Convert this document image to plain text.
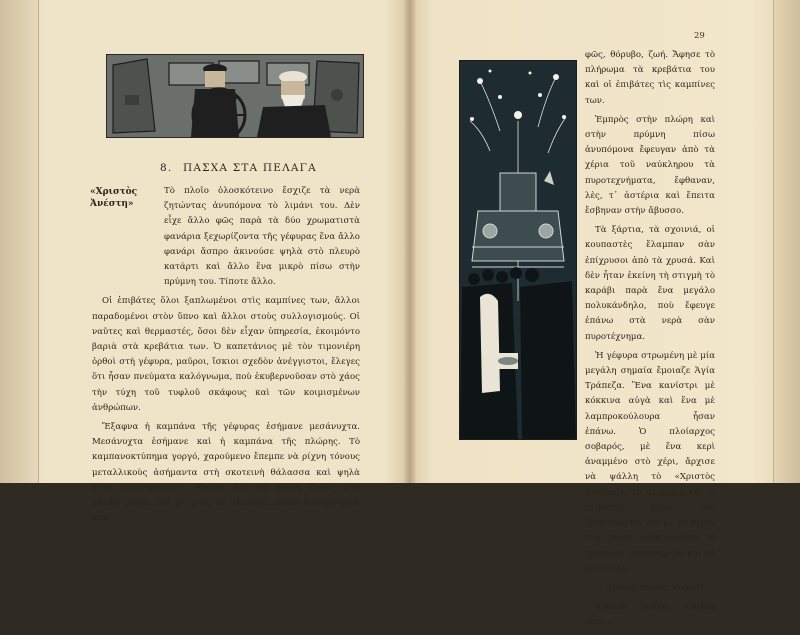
8. ΠΑΣΧΑ ΣΤΑ ΠΕΛΑΓΑ
«Χριστὸς Ἀνέστη»

Τὸ πλοῖο ὁλοσκότεινο ἔσχιζε τὰ νερὰ ζητώντας ἀνυπόμονα τὸ λιμάνι του. Δὲν εἶχε ἄλλο φῶς παρὰ τὰ δύο χρωματιστὰ φανάρια ξεχωρίζοντα τῆς γέφυρας ἕνα ἄλλο φανάρι ἄσπρο ἀκινούσε ψηλὰ στὸ πλευρὸ κατάρτι καὶ ἄλλο ἕνα μικρὸ πίσω στὴν πρύμνη του. Τίποτε ἄλλο.

Οἱ ἐπιβάτες ὅλοι ξαπλωμένοι στὶς καμπίνες των, ἄλλοι παραδομένοι στὸν ὕπνο καὶ ἄλλοι στοὺς συλλογισμούς. Οἱ ναῦτες καὶ θερμαστές, ὅσοι δὲν εἶχαν ὑπηρεσία, ἐκοιμόντο βαριὰ στὰ κρεβάτια των. Ὁ καπετάνιος μὲ τὸν τιμονιέρη ὀρθοὶ στὴ γέφυρα, μαῦροι, ἴσκιοι σχεδὸν ἀνέγγιστοι, ἔλεγες ὅτι ἦσαν πνεύματα καλόγνωμα, ποὺ ἐκυβερνοῦσαν στὸ χάος τὴν τύχη τοῦ τυφλοῦ σκάφους καὶ τῶν κοιμισμένων ἀνθρώπων.

Ἔξαφνα ἡ καμπάνα τῆς γέφυρας ἐσήμανε μεσάνυχτα. Μεσάνυχτα ἐσήμανε καὶ ἡ καμπάνα τῆς πλώρης. Τὸ καμπανοκτύπημα γοργό, χαρούμενο ἔπεμπε νὰ ρίχνη τόνους μεταλλικοὺς ἀσήμαντα στὴ σκοτεινὴ θάλασσα καὶ ψηλὰ στὸν ἀστροφώτιστο οὐρανὸ καὶ νὰ κράζη ὅλους στὸ κατάστρωμα. Καὶ μὲ μιᾶς τὸ σκοτεινὸ πλοῖο ἐπλημμύρισε ἀπὸ

29

φῶς, θόρυβο, ζωή. Ἄφησε τὸ πλήρωμα τὰ κρεβάτια του καὶ οἱ ἐπιβάτες τὶς καμπίνες των.

Ἐμπρὸς στὴν πλώρη καὶ στὴν πρύμνη πίσω ἀνυπόμονα ἔφευγαν ἀπὸ τὰ χέρια τοῦ ναύκληρου τὰ πυροτεχνήματα, ἔφθαναν, λὲς, τ᾽ ἀστέρια καὶ ἔπειτα ἔσβηναν στὴν ἄβυσσο.

Τὰ ξάρτια, τὰ σχοινιά, οἱ κουπαστὲς ἔλαμπαν σὰν ἐπίχρυσοι ἀπὸ τὰ χρυσά. Καὶ δὲν ἦταν ἐκείνη τὴ στιγμὴ τὸ καράβι παρὰ ἕνα μεγάλο πολυκάνδηλο, ποὺ ἔφευγε ἐπάνω στὰ νερὰ σὰν πυροτέχνημα.

Ἡ γέφυρα στρωμένη μὲ μία μεγάλη σημαία ἔμοιαζε Ἁγία Τράπεζα. Ἕνα κανίστρι μὲ κόκκινα αὐγὰ καὶ ἕνα μὲ λαμπροκούλουρα ἦσαν ἐπάνω. Ὁ πλοίαρχος σοβαρός, μὲ ἕνα κερὶ ἀναμμένο στὸ χέρι, ἄρχισε νὰ ψάλλη τὸ «Χριστὸς Ἀνέστη!». Τὸ πλήρωμα καὶ οἱ ἐπιβάτες γύρω του ξεσκούφωτοι καὶ μὲ τὰ κεριὰ στὰ χέρια ἐξακολούθαν τὸ τροπάριο συγκινημένα καὶ μὲ κατάνυξη.

— Χρόνια πολλά, κύριοι!...

Χρόνια πολλά, παιδιά μου!...
